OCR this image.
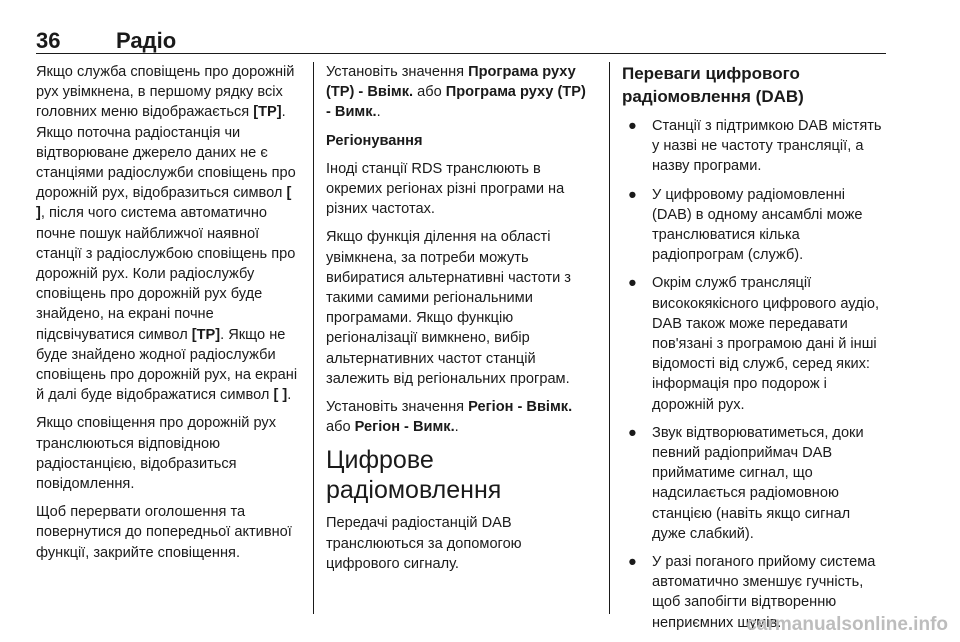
36	Радіо

Якщо служба сповіщень про дорожній рух увімкнена, в першому рядку всіх головних меню відображається [TP]. Якщо поточна радіостанція чи відтворюване джерело даних не є станціями радіослужби сповіщень про дорожній рух, відобразиться символ [ ], після чого система автоматично почне пошук найближчої наявної станції з радіослужбою сповіщень про дорожній рух. Коли радіослужбу сповіщень про дорожній рух буде знайдено, на екрані почне підсвічуватися символ [TP]. Якщо не буде знайдено жодної радіослужби сповіщень про дорожній рух, на екрані й далі буде відображатися символ [ ].

Якщо сповіщення про дорожній рух транслюються відповідною радіостанцією, відобразиться повідомлення.

Щоб перервати оголошення та повернутися до попередньої активної функції, закрийте сповіщення.

Установіть значення Програма руху (TP) - Ввімк. або Програма руху (TP) - Вимк..

Регіонування

Іноді станції RDS транслюють в окремих регіонах різні програми на різних частотах.

Якщо функція ділення на області увімкнена, за потреби можуть вибиратися альтернативні частоти з такими самими регіональними програмами. Якщо функцію регіоналізації вимкнено, вибір альтернативних частот станцій залежить від регіональних програм.

Установіть значення Регіон - Ввімк. або Регіон - Вимк..

Цифрове радіомовлення

Передачі радіостанцій DAB транслюються за допомогою цифрового сигналу.

Переваги цифрового радіомовлення (DAB)

● Станції з підтримкою DAB містять у назві не частоту трансляції, а назву програми.
● У цифровому радіомовленні (DAB) в одному ансамблі може транслюватися кілька радіопрограм (служб).
● Окрім служб трансляції висококякісного цифрового аудіо, DAB також може передавати пов'язані з програмою дані й інші відомості від служб, серед яких: інформація про подорож і дорожній рух.
● Звук відтворюватиметься, доки певний радіоприймач DAB прийматиме сигнал, що надсилається радіомовною станцією (навіть якщо сигнал дуже слабкий).
● У разі поганого прийому система автоматично зменшує гучність, щоб запобігти відтворенню неприємних шумів.
carmanualsonline.info
